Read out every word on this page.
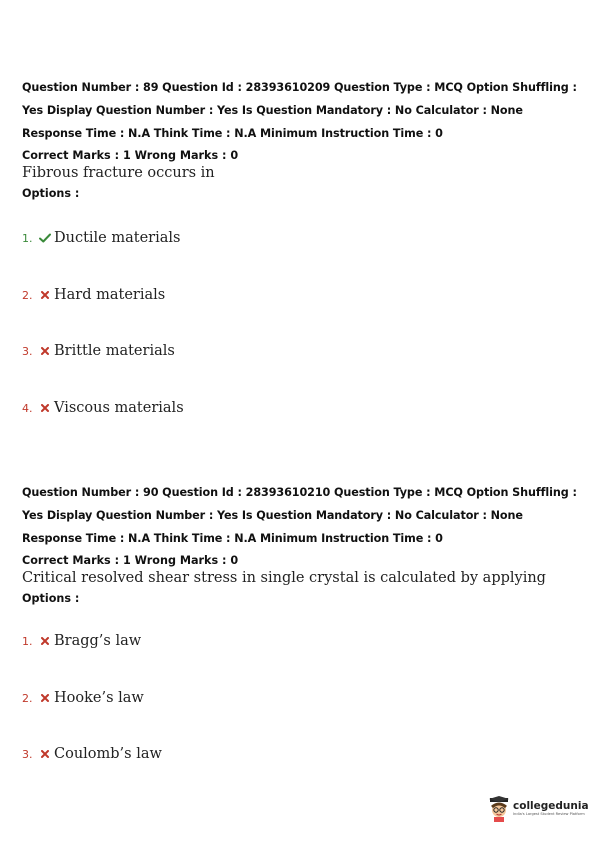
Question Number : 89 Question Id : 28393610209 Question Type : MCQ Option Shuffling : Yes Display Question Number : Yes Is Question Mandatory : No Calculator : None Response Time : N.A Think Time : N.A Minimum Instruction Time : 0
Correct Marks : 1 Wrong Marks : 0
Fibrous fracture occurs in
Options :
1.	Ductile materials
2.	Hard materials
3.	Brittle materials
4.	Viscous materials
Question Number : 90 Question Id : 28393610210 Question Type : MCQ Option Shuffling : Yes Display Question Number : Yes Is Question Mandatory : No Calculator : None Response Time : N.A Think Time : N.A Minimum Instruction Time : 0
Correct Marks : 1 Wrong Marks : 0
Critical resolved shear stress in single crystal is calculated by applying
Options :
1.	Bragg’s law
2.	Hooke’s law
3.	Coulomb’s law
collegedunia
India's Largest Student Review Platform
